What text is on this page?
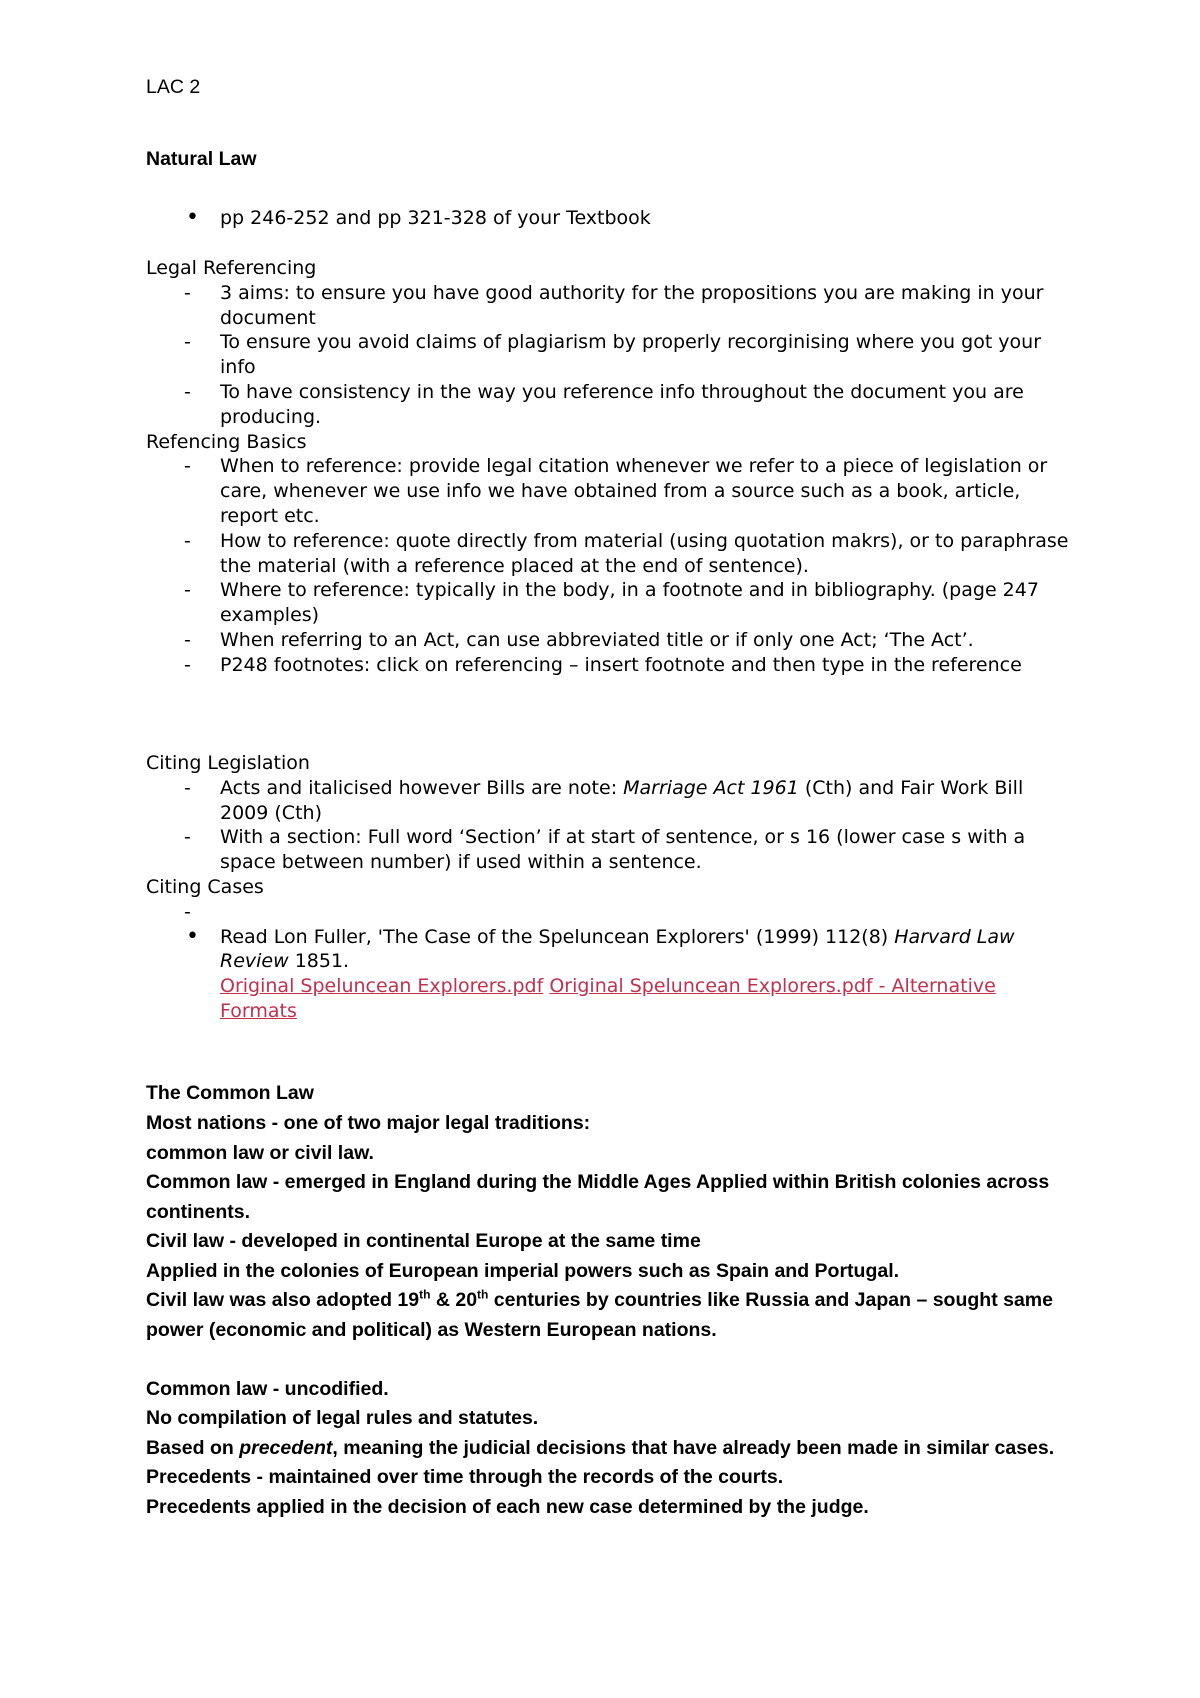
LAC 2
Natural Law
• pp 246-252 and pp 321-328 of your Textbook

Legal Referencing

- 3 aims: to ensure you have good authority for the propositions you are making in your document
- To ensure you avoid claims of plagiarism by properly recorginising where you got your info
- To have consistency in the way you reference info throughout the document you are producing.

Refencing Basics

- When to reference: provide legal citation whenever we refer to a piece of legislation or care, whenever we use info we have obtained from a source such as a book, article, report etc.
- How to reference: quote directly from material (using quotation makrs), or to paraphrase the material (with a reference placed at the end of sentence).
- Where to reference: typically in the body, in a footnote and in bibliography. (page 247 examples)
- When referring to an Act, can use abbreviated title or if only one Act; ‘The Act’.
- P248 footnotes: click on referencing – insert footnote and then type in the reference

Citing Legislation

- Acts and italicised however Bills are note: Marriage Act 1961 (Cth) and Fair Work Bill 2009 (Cth)
- With a section: Full word ‘Section’ if at start of sentence, or s 16 (lower case s with a space between number) if used within a sentence.

Citing Cases

-

• Read Lon Fuller, 'The Case of the Speluncean Explorers' (1999) 112(8) Harvard Law Review 1851.
Original Speluncean Explorers.pdf Original Speluncean Explorers.pdf - Alternative Formats
The Common Law

Most nations - one of two major legal traditions:

common law or civil law.

Common law - emerged in England during the Middle Ages Applied within British colonies across continents.

Civil law - developed in continental Europe at the same time

Applied in the colonies of European imperial powers such as Spain and Portugal.

Civil law was also adopted 19th & 20th centuries by countries like Russia and Japan – sought same power (economic and political) as Western European nations.

Common law - uncodified.

No compilation of legal rules and statutes.

Based on precedent, meaning the judicial decisions that have already been made in similar cases.

Precedents - maintained over time through the records of the courts.

Precedents applied in the decision of each new case determined by the judge.
